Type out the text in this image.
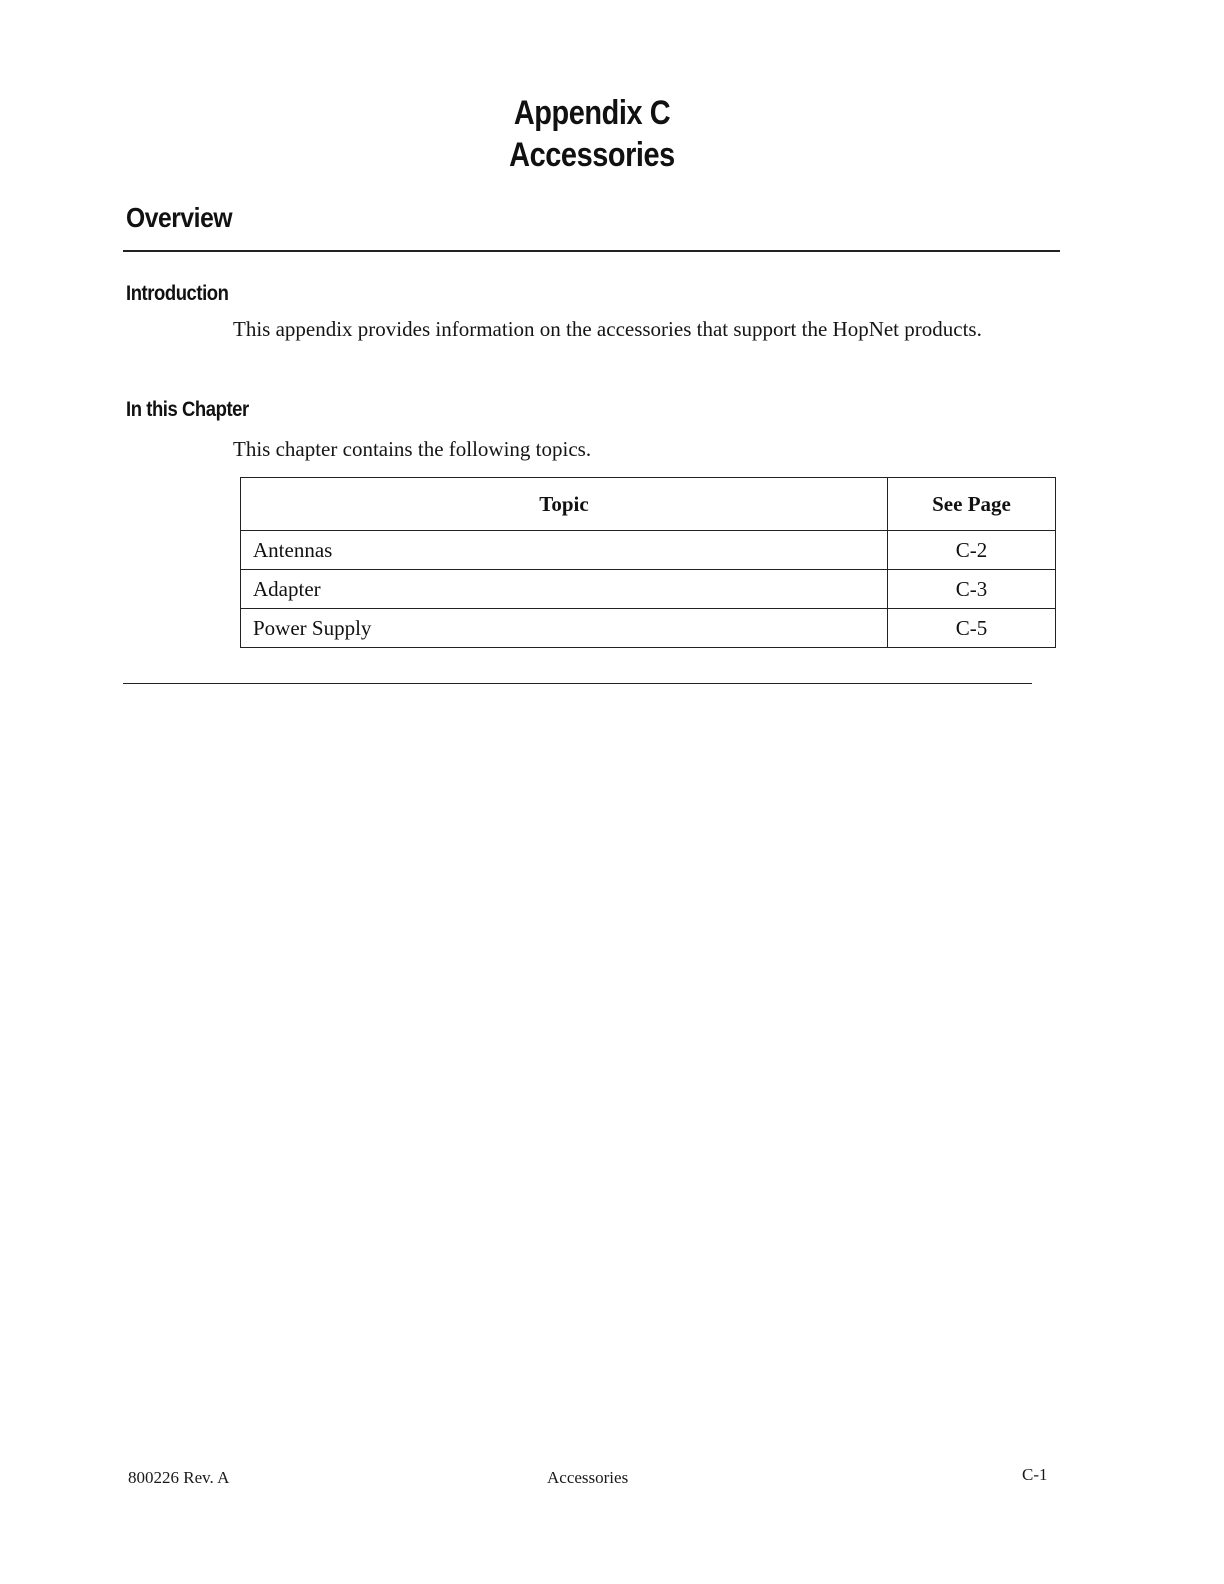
Appendix C
Accessories
Overview
Introduction
This appendix provides information on the accessories that support the HopNet products.
In this Chapter
This chapter contains the following topics.
Topic	See Page
Antennas	C-2
Adapter	C-3
Power Supply	C-5
800226 Rev. A	Accessories	C-1
